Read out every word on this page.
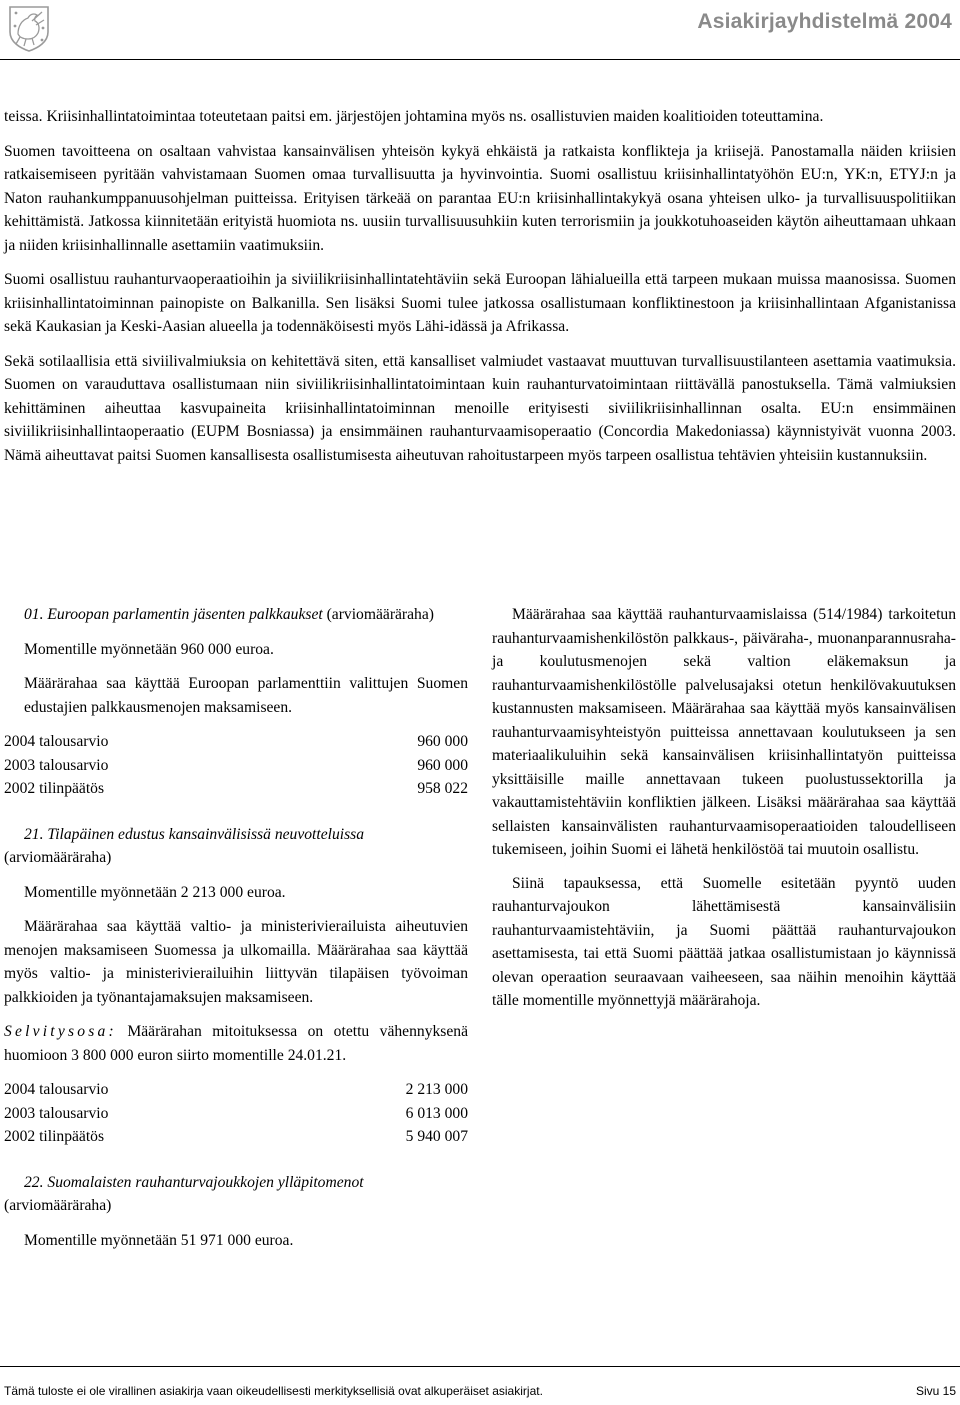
Asiakirjayhdistelmä 2004

teissa. Kriisinhallintatoimintaa toteutetaan paitsi em. järjestöjen johtamina myös ns. osallistuvien maiden koalitioiden toteuttamina.

Suomen tavoitteena on osaltaan vahvistaa kansainvälisen yhteisön kykyä ehkäistä ja ratkaista konflikteja ja kriisejä. Panostamalla näiden kriisien ratkaisemiseen pyritään vahvistamaan Suomen omaa turvallisuutta ja hyvinvointia. Suomi osallistuu kriisinhallintatyöhön EU:n, YK:n, ETYJ:n ja Naton rauhankumppanuusohjelman puitteissa. Erityisen tärkeää on parantaa EU:n kriisinhallintakykyä osana yhteisen ulko- ja turvallisuuspolitiikan kehittämistä. Jatkossa kiinnitetään erityistä huomiota ns. uusiin turvallisuusuhkiin kuten terrorismiin ja joukkotuhoaseiden käytön aiheuttamaan uhkaan ja niiden kriisinhallinnalle asettamiin vaatimuksiin.

Suomi osallistuu rauhanturvaoperaatioihin ja siviilikriisinhallintatehtäviin sekä Euroopan lähialueilla että tarpeen mukaan muissa maanosissa. Suomen kriisinhallintatoiminnan painopiste on Balkanilla. Sen lisäksi Suomi tulee jatkossa osallistumaan konfliktinestoon ja kriisinhallintaan Afganistanissa sekä Kaukasian ja Keski-Aasian alueella ja todennäköisesti myös Lähi-idässä ja Afrikassa.

Sekä sotilaallisia että siviilivalmiuksia on kehitettävä siten, että kansalliset valmiudet vastaavat muuttuvan turvallisuustilanteen asettamia vaatimuksia. Suomen on varauduttava osallistumaan niin siviilikriisinhallintatoimintaan kuin rauhanturvatoimintaan riittävällä panostuksella. Tämä valmiuksien kehittäminen aiheuttaa kasvupaineita kriisinhallintatoiminnan menoille erityisesti siviilikriisinhallinnan osalta. EU:n ensimmäinen siviilikriisinhallintaoperaatio (EUPM Bosniassa) ja ensimmäinen rauhanturvaamisoperaatio (Concordia Makedoniassa) käynnistyivät vuonna 2003. Nämä aiheuttavat paitsi Suomen kansallisesta osallistumisesta aiheutuvan rahoitustarpeen myös tarpeen osallistua tehtävien yhteisiin kustannuksiin.

01. Euroopan parlamentin jäsenten palkkaukset (arviomääräraha)

Momentille myönnetään 960 000 euroa.

Määrärahaa saa käyttää Euroopan parlamenttiin valittujen Suomen edustajien palkkausmenojen maksamiseen.

2004 talousarvio	960 000
2003 talousarvio	960 000
2002 tilinpäätös	958 022
21. Tilapäinen edustus kansainvälisissä neuvotteluissa (arviomääräraha)

Momentille myönnetään 2 213 000 euroa.

Määrärahaa saa käyttää valtio- ja ministerivierailuista aiheutuvien menojen maksamiseen Suomessa ja ulkomailla. Määrärahaa saa käyttää myös valtio- ja ministerivierailuihin liittyvän tilapäisen työvoiman palkkioiden ja työnantajamaksujen maksamiseen.

Selvitysosa: Määrärahan mitoituksessa on otettu vähennyksenä huomioon 3 800 000 euron siirto momentille 24.01.21.

2004 talousarvio	2 213 000
2003 talousarvio	6 013 000
2002 tilinpäätös	5 940 007
22. Suomalaisten rauhanturvajoukkojen ylläpitomenot (arviomääräraha)

Momentille myönnetään 51 971 000 euroa.

Määrärahaa saa käyttää rauhanturvaamislaissa (514/1984) tarkoitetun rauhanturvaamishenkilöstön palkkaus-, päiväraha-, muonanparannusraha- ja koulutusmenojen sekä valtion eläkemaksun ja rauhanturvaamishenkilöstölle palvelusajaksi otetun henkilövakuutuksen kustannusten maksamiseen. Määrärahaa saa käyttää myös kansainvälisen rauhanturvaamisyhteistyön puitteissa annettavaan koulutukseen ja sen materiaalikuluihin sekä kansainvälisen kriisinhallintatyön puitteissa yksittäisille maille annettavaan tukeen puolustussektorilla ja vakauttamistehtäviin konfliktien jälkeen. Lisäksi määrärahaa saa käyttää sellaisten kansainvälisten rauhanturvaamisoperaatioiden taloudelliseen tukemiseen, joihin Suomi ei lähetä henkilöstöä tai muutoin osallistu.

Siinä tapauksessa, että Suomelle esitetään pyyntö uuden rauhanturvajoukon lähettämisestä kansainvälisiin rauhanturvaamistehtäviin, ja Suomi päättää rauhanturvajoukon asettamisesta, tai että Suomi päättää jatkaa osallistumistaan jo käynnissä olevan operaation seuraavaan vaiheeseen, saa näihin menoihin käyttää tälle momentille myönnettyjä määrärahoja.

Tämä tuloste ei ole virallinen asiakirja vaan oikeudellisesti merkityksellisiä ovat alkuperäiset asiakirjat.	Sivu 15
